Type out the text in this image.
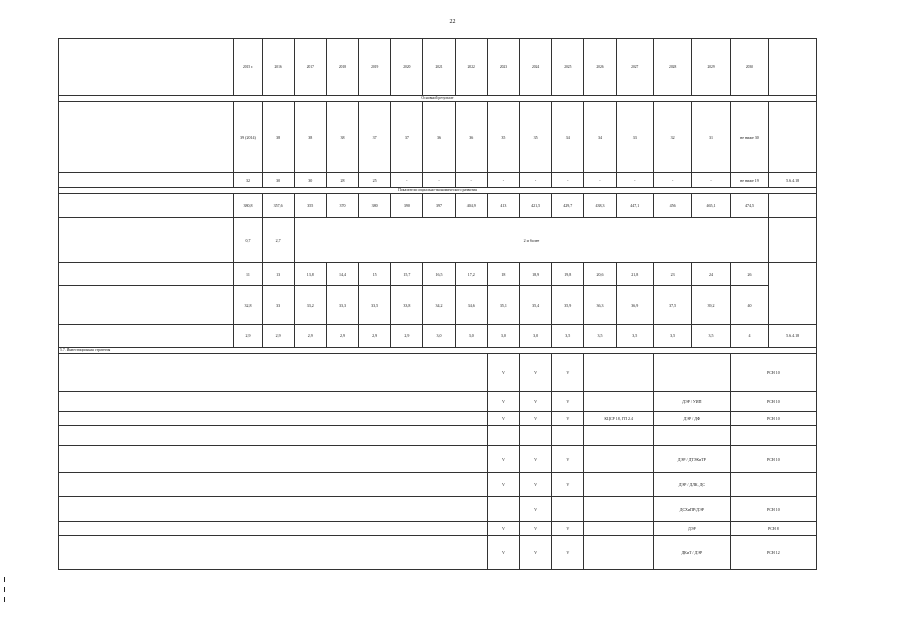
22
	2015 г.	2016	2017	2018	2019	2020	2021	2022	2023	2024	2025	2026	2027	2028	2029	2030	
Основной результат																	
	39 (2014)	38	38	38	37	37	36	36	35	35	34	34	33	32	31	не ниже 30	
	32	30	30	28	25	-	-	-	-	-	-	-	-	-	-	не ниже 19	5.6.4.18
Показатели социально-экономического развития																	
	380,8	357,6	355	370	380	390	397	404,9	413	421,5	429,7	438,3	447,1	456	465,1	474,5	
	0,7	2,7	2 и более														
	11	13	13,8	14,4	15	15,7	16,5	17,2	18	18,9	19,8	20,6	21,8	23	24	26	
	32,8	33	33,2	33,3	33,5	33,8	34,2	34,6	35,1	35,4	35,9	36,3	36,9	37,5	39,2	40	
	2,9	2,9	2,9	2,9	2,9	2,9	3,0	3,0	3,0	3,0	3,5	3,5	3,5	3,5	3,5	4	5.6.4.18
5.7. Инвестиционная стратегия																	
									V	V	V					РСН 10	
									V	V	V			ДЭР / УИП		РСН 10	
									V	V	V	КЦСР 18, ГП 2.4		ДЭР / ДФ		РСН 10	

									V	V	V			ДЭР / ДТЭКиТР		РСН 10	
									V	V	V			ДЭР / ДЛК, ДС			
										V				ДСХиПР/ДЭР		РСН 10	
									V	V	V			ДЭР		РСН 8	
									V	V	V			ДКиТ / ДЭР		РСН 12	
